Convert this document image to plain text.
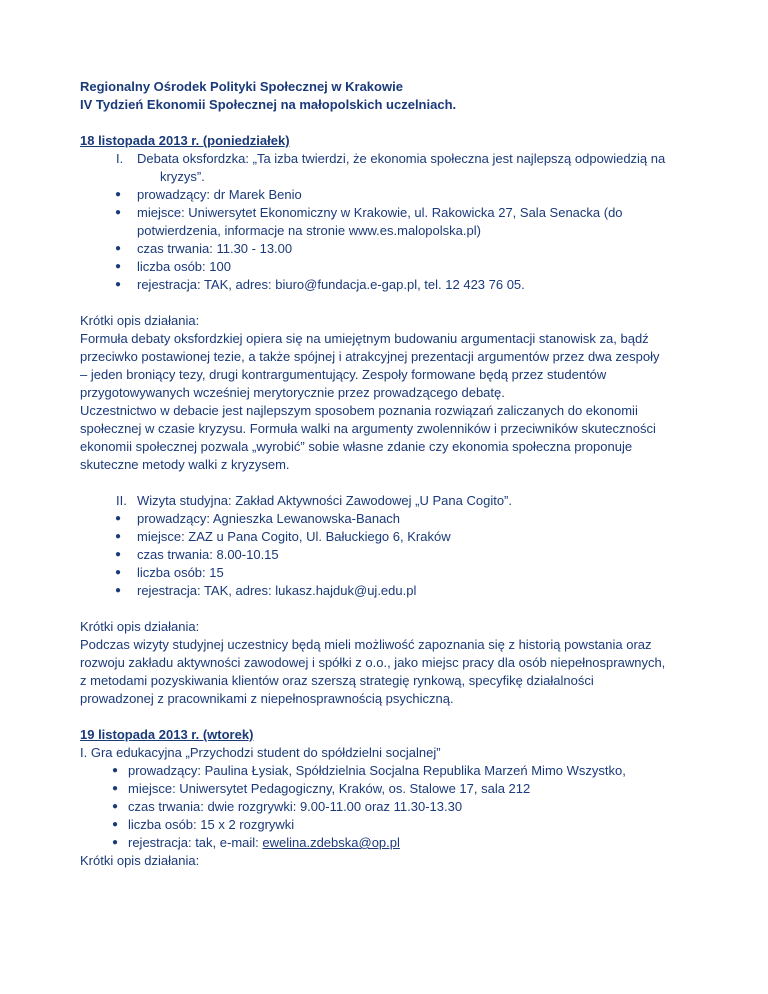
Regionalny Ośrodek Polityki Społecznej w Krakowie
IV Tydzień Ekonomii Społecznej na małopolskich uczelniach.
18 listopada 2013 r. (poniedziałek)
I. Debata oksfordzka: „Ta izba twierdzi, że ekonomia społeczna jest najlepszą odpowiedzią na
kryzys”.
● prowadzący: dr Marek Benio
● miejsce: Uniwersytet Ekonomiczny w Krakowie, ul. Rakowicka 27, Sala Senacka (do
potwierdzenia, informacje na stronie www.es.malopolska.pl)
● czas trwania: 11.30 - 13.00
● liczba osób: 100
● rejestracja: TAK, adres: biuro@fundacja.e-gap.pl, tel. 12 423 76 05.
Krótki opis działania:
Formuła debaty oksfordzkiej opiera się na umiejętnym budowaniu argumentacji stanowisk za, bądź
przeciwko postawionej tezie, a także spójnej i atrakcyjnej prezentacji argumentów przez dwa zespoły
– jeden broniący tezy, drugi kontrargumentujący. Zespoły formowane będą przez studentów
przygotowywanych wcześniej merytorycznie przez prowadzącego debatę.
Uczestnictwo w debacie jest najlepszym sposobem poznania rozwiązań zaliczanych do ekonomii
społecznej w czasie kryzysu. Formuła walki na argumenty zwolenników i przeciwników skuteczności
ekonomii społecznej pozwala „wyrobić” sobie własne zdanie czy ekonomia społeczna proponuje
skuteczne metody walki z kryzysem.
II. Wizyta studyjna: Zakład Aktywności Zawodowej „U Pana Cogito”.
● prowadzący: Agnieszka Lewanowska-Banach
● miejsce: ZAZ u Pana Cogito, Ul. Bałuckiego 6, Kraków
● czas trwania: 8.00-10.15
● liczba osób: 15
● rejestracja: TAK, adres: lukasz.hajduk@uj.edu.pl
Krótki opis działania:
Podczas wizyty studyjnej uczestnicy będą mieli możliwość zapoznania się z historią powstania oraz
rozwoju zakładu aktywności zawodowej i spółki z o.o., jako miejsc pracy dla osób niepełnosprawnych,
z metodami pozyskiwania klientów oraz szerszą strategię rynkową, specyfikę działalności
prowadzonej z pracownikami z niepełnosprawnością psychiczną.
19 listopada 2013 r. (wtorek)
I. Gra edukacyjna „Przychodzi student do spółdzielni socjalnej”
● prowadzący: Paulina Łysiak, Spółdzielnia Socjalna Republika Marzeń Mimo Wszystko,
● miejsce: Uniwersytet Pedagogiczny, Kraków, os. Stalowe 17, sala 212
● czas trwania: dwie rozgrywki: 9.00-11.00 oraz 11.30-13.30
● liczba osób: 15 x 2 rozgrywki
● rejestracja: tak, e-mail: ewelina.zdebska@op.pl
Krótki opis działania:
